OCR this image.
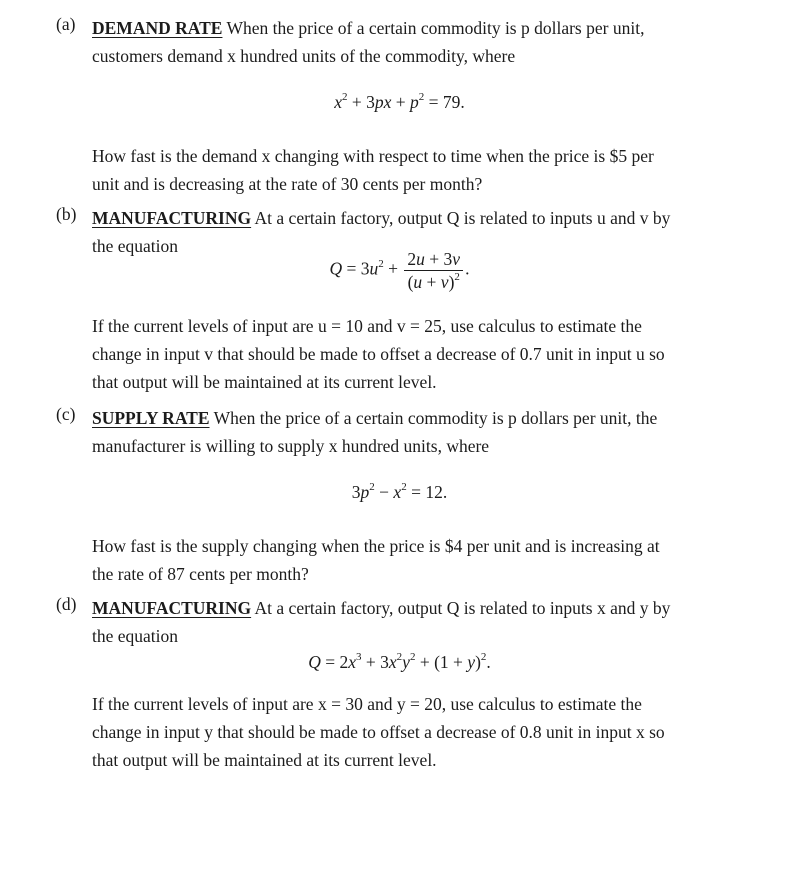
(a) DEMAND RATE When the price of a certain commodity is p dollars per unit,

customers demand x hundred units of the commodity, where

$x^2 + 3px + p^2 = 79$.

How fast is the demand x changing with respect to time when the price is $5 per

unit and is decreasing at the rate of 30 cents per month?

(b) MANUFACTURING At a certain factory, output Q is related to inputs u and v by

the equation

$Q = 3u^2 + \frac{2u + 3v}{(u + v)^2}$ .

If the current levels of input are u = 10 and v = 25, use calculus to estimate the

change in input v that should be made to offset a decrease of 0.7 unit in input u so

that output will be maintained at its current level.

(c) SUPPLY RATE When the price of a certain commodity is p dollars per unit, the

manufacturer is willing to supply x hundred units, where

$3p^2 - x^2 = 12$.

How fast is the supply changing when the price is $4 per unit and is increasing at

the rate of 87 cents per month?

(d) MANUFACTURING At a certain factory, output Q is related to inputs x and y by

the equation

$Q = 2x^3 + 3x^2y^2 + (1 + y)^2$.

If the current levels of input are x = 30 and y = 20, use calculus to estimate the

change in input y that should be made to offset a decrease of 0.8 unit in input x so

that output will be maintained at its current level.
